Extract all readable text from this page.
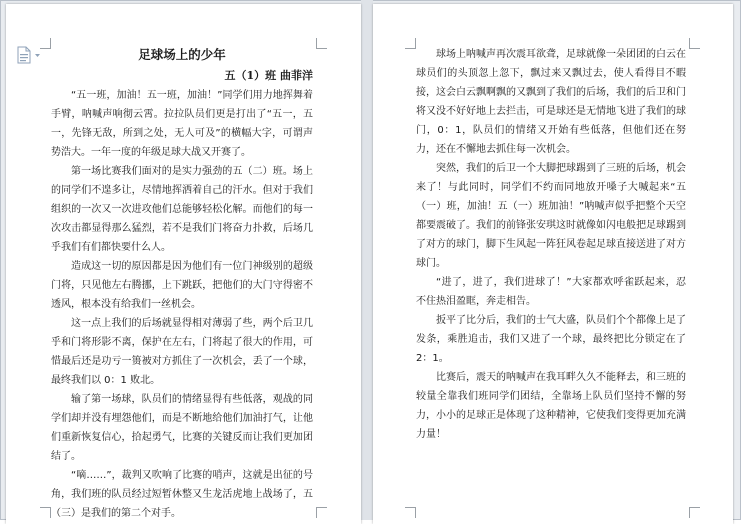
足球场上的少年
五（1）班 曲菲洋

“五一班，加油！五一班，加油！”同学们用力地挥舞着手臂，呐喊声响彻云霄。拉拉队员们更是打出了“五一，五一，先锋无敌，所到之处，无人可及”的横幅大字，可谓声势浩大。一年一度的年级足球大战又开赛了。

第一场比赛我们面对的是实力强劲的五（二）班。场上的同学们不遑多让，尽情地挥洒着自己的汗水。但对于我们组织的一次又一次进攻他们总能够轻松化解。而他们的每一次攻击都显得那么猛烈，若不是我们门将奋力扑救，后场几乎我们有们都快要什么人。

造成这一切的原因都是因为他们有一位门神级别的超级门将，只见他左右腾挪，上下跳跃，把他们的大门守得密不透风，根本没有给我们一丝机会。

这一点上我们的后场就显得相对薄弱了些，两个后卫几乎和门将形影不离，保护在左右，门将起了很大的作用，可惜最后还是功亏一篑被对方抓住了一次机会，丢了一个球，最终我们以 0：1 败北。

输了第一场球，队员们的情绪显得有些低落，观战的同学们却并没有埋怨他们，而是不断地给他们加油打气，让他们重新恢复信心，拾起勇气，比赛的关键反而让我们更加团结了。

“嘀……”，裁判又吹响了比赛的哨声，这就是出征的号角，我们班的队员经过短暂休整又生龙活虎地上战场了，五（三）是我们的第二个对手。

球场上呐喊声再次震耳欲聋，足球就像一朵团团的白云在球员们的头顶忽上忽下，飘过来又飘过去，使人看得目不暇接，这会白云飘啊飘的又飘到了我们的后场，我们的后卫和门将又没不好好地上去拦击，可是球还是无情地飞进了我们的球门，0：1，队员们的情绪又开始有些低落，但他们还在努力，还在不懈地去抓住每一次机会。

突然，我们的后卫一个大脚把球踢到了三班的后场，机会来了！与此同时，同学们不约而同地放开嗓子大喊起来“五（一）班，加油！五（一）班加油！”呐喊声似乎把整个天空都要震破了。我们的前锋张安琪这时就像如闪电般把足球踢到了对方的球门，脚下生风起一阵狂风卷起足球直接送进了对方球门。

“进了，进了，我们进球了！”大家都欢呼雀跃起来，忍不住热泪盈眶，奔走相告。

扳平了比分后，我们的士气大盛，队员们个个都像上足了发条，乘胜追击，我们又进了一个球，最终把比分锁定在了 2：1。

比赛后，震天的呐喊声在我耳畔久久不能释去，和三班的较量全靠我们班同学们团结，全靠场上队员们坚持不懈的努力，小小的足球正是体现了这种精神，它使我们变得更加充满力量！
